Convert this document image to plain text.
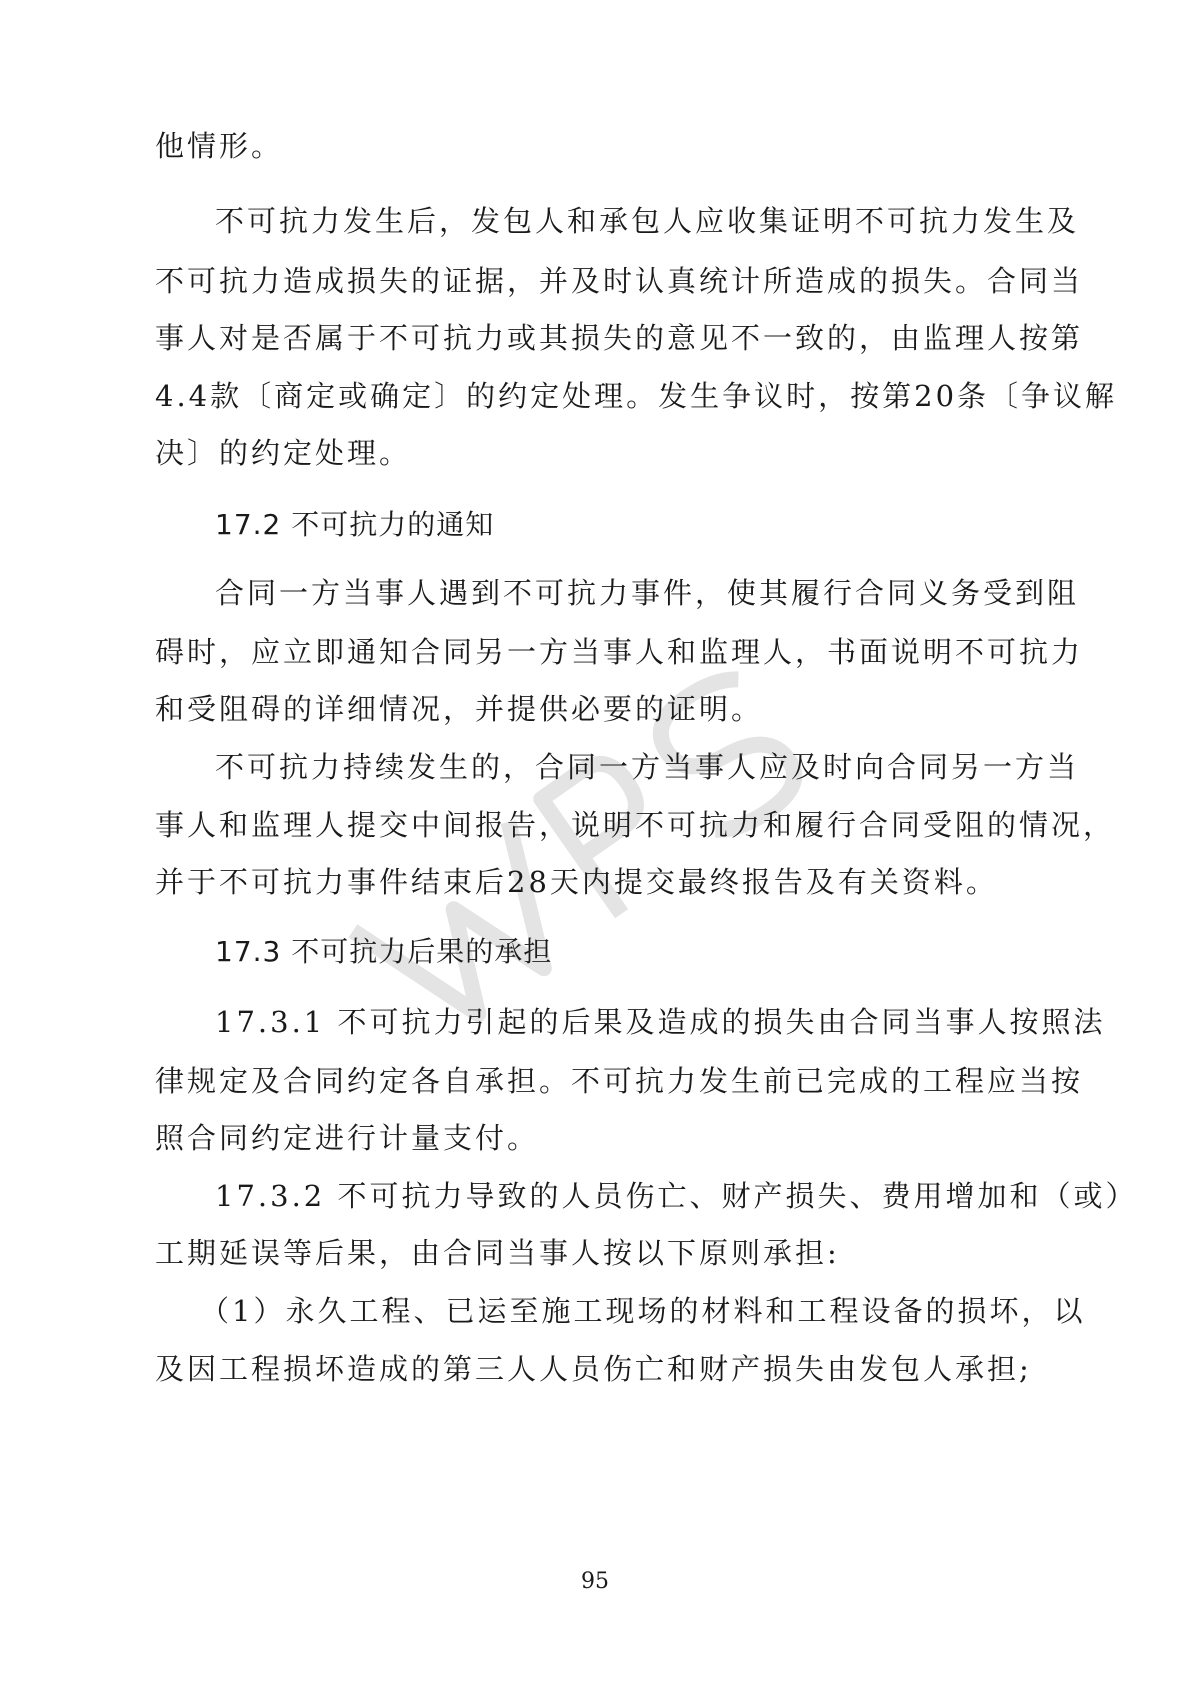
他情形。
不可抗力发生后，发包人和承包人应收集证明不可抗力发生及
不可抗力造成损失的证据，并及时认真统计所造成的损失。合同当
事人对是否属于不可抗力或其损失的意见不一致的，由监理人按第
4.4款〔商定或确定〕的约定处理。发生争议时，按第20条〔争议解
决〕的约定处理。
17.2 不可抗力的通知
合同一方当事人遇到不可抗力事件，使其履行合同义务受到阻
碍时，应立即通知合同另一方当事人和监理人，书面说明不可抗力
和受阻碍的详细情况，并提供必要的证明。
不可抗力持续发生的，合同一方当事人应及时向合同另一方当
事人和监理人提交中间报告，说明不可抗力和履行合同受阻的情况，
并于不可抗力事件结束后28天内提交最终报告及有关资料。
17.3 不可抗力后果的承担
17.3.1 不可抗力引起的后果及造成的损失由合同当事人按照法
律规定及合同约定各自承担。不可抗力发生前已完成的工程应当按
照合同约定进行计量支付。
17.3.2 不可抗力导致的人员伤亡、财产损失、费用增加和（或）
工期延误等后果，由合同当事人按以下原则承担:
（1）永久工程、已运至施工现场的材料和工程设备的损坏，以
及因工程损坏造成的第三人人员伤亡和财产损失由发包人承担;
95
